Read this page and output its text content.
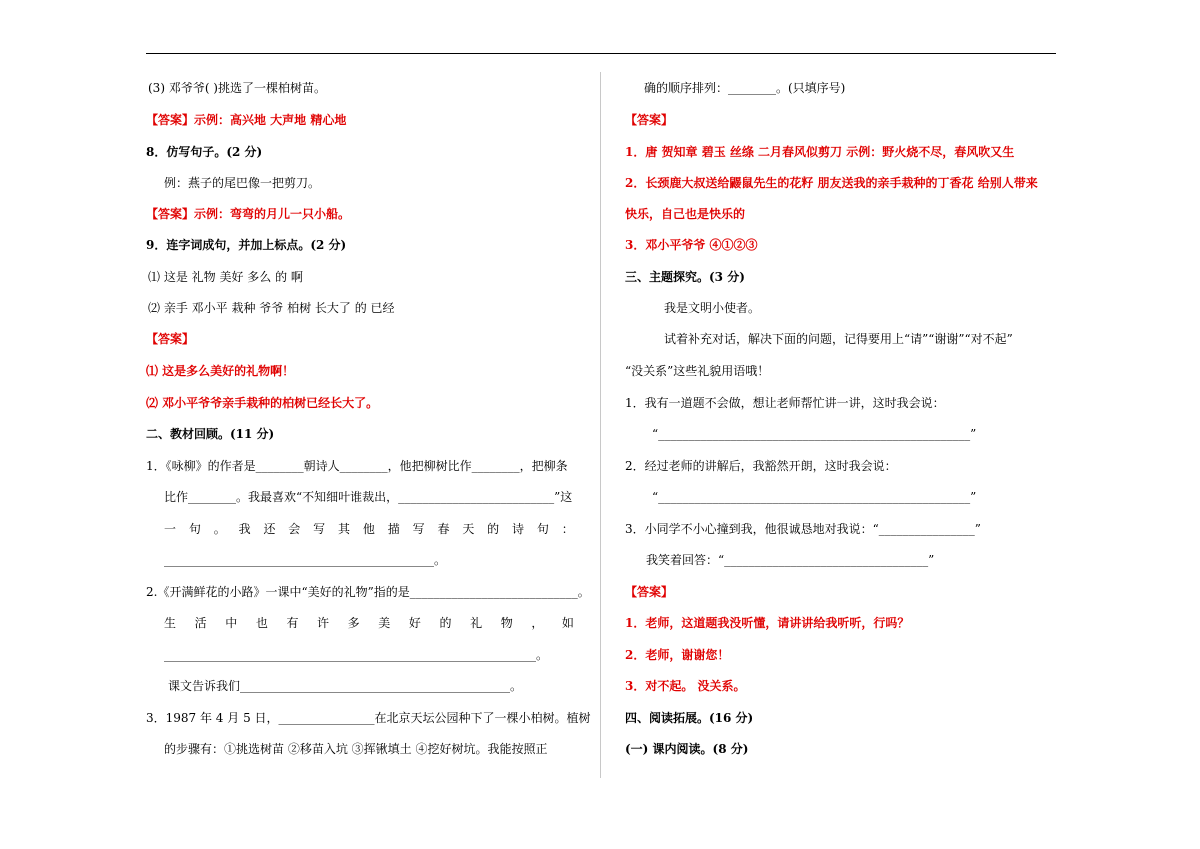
(3) 邓爷爷( )挑选了一棵柏树苗。
【答案】示例：高兴地 大声地 精心地
8．仿写句子。(2 分)
例：燕子的尾巴像一把剪刀。
【答案】示例：弯弯的月儿一只小船。
9．连字词成句，并加上标点。(2 分)
⑴ 这是 礼物 美好 多么 的 啊
⑵ 亲手 邓小平 栽种 爷爷 柏树 长大了 的 已经
【答案】
⑴ 这是多么美好的礼物啊！
⑵ 邓小平爷爷亲手栽种的柏树已经长大了。
二、教材回顾。(11 分)
1．《咏柳》的作者是________朝诗人________，他把柳树比作________，把柳条
比作________。我最喜欢“不知细叶谁裁出，__________________________”这
一 句 。 我 还 会 写 其 他 描 写 春 天 的 诗 句 ：
_____________________________________________。
2.《开满鲜花的小路》一课中“美好的礼物”指的是____________________________。
生 活 中 也 有 许 多 美 好 的 礼 物 ， 如
______________________________________________________________。
课文告诉我们_____________________________________________。
3．1987 年 4 月 5 日，________________在北京天坛公园种下了一棵小柏树。植树
的步骤有：①挑选树苗 ②移苗入坑 ③挥锹填土 ④挖好树坑。我能按照正
确的顺序排列：________。(只填序号)
【答案】
1．唐 贺知章 碧玉 丝绦 二月春风似剪刀 示例：野火烧不尽，春风吹又生
2．长颈鹿大叔送给鼹鼠先生的花籽 朋友送我的亲手栽种的丁香花 给别人带来
快乐，自己也是快乐的
3．邓小平爷爷 ④①②③
三、主题探究。(3 分)
我是文明小使者。
试着补充对话，解决下面的问题，记得要用上“请”“谢谢”“对不起”
“没关系”这些礼貌用语哦！
1．我有一道题不会做，想让老师帮忙讲一讲，这时我会说：
“____________________________________________________”
2．经过老师的讲解后，我豁然开朗，这时我会说：
“____________________________________________________”
3．小同学不小心撞到我，他很诚恳地对我说：“________________”
我笑着回答：“__________________________________”
【答案】
1．老师，这道题我没听懂，请讲讲给我听听，行吗？
2．老师，谢谢您！
3．对不起。 没关系。
四、阅读拓展。(16 分)
(一) 课内阅读。(8 分)
